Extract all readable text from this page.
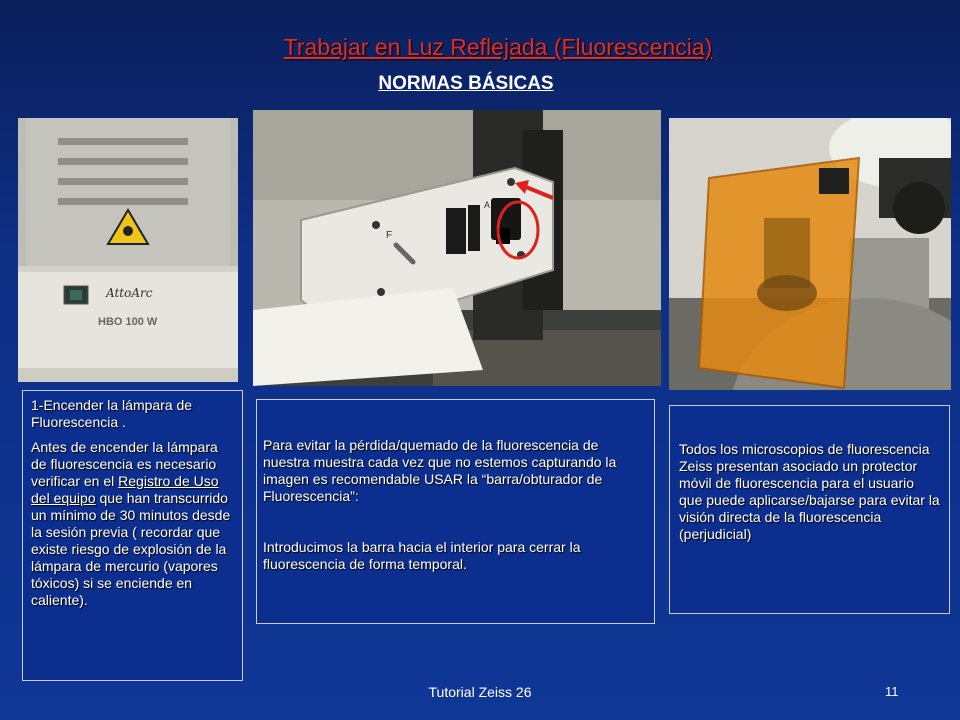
Trabajar en Luz Reflejada (Fluorescencia)
NORMAS BÁSICAS
AttoArc
HBO 100 W
F
A

1-Encender la lámpara de Fluorescencia .

Antes de encender la lámpara de fluorescencia es necesario verificar en el Registro de Uso del equipo que han transcurrido un mínimo de 30 minutos desde la sesión previa ( recordar que existe riesgo de explosión de la lámpara de mercurio (vapores tóxicos) si se enciende en caliente).

Para evitar la pérdida/quemado de la fluorescencia de nuestra muestra cada vez que no estemos capturando la imagen es recomendable USAR la “barra/obturador de Fluorescencia”:

Introducimos la barra hacia el interior para cerrar la fluorescencia de forma temporal.

Todos los microscopios de fluorescencia Zeiss presentan asociado un protector móvil de fluorescencia para el usuario que puede aplicarse/bajarse para evitar la visión directa de la fluorescencia (perjudicial)

Tutorial Zeiss 26	11
